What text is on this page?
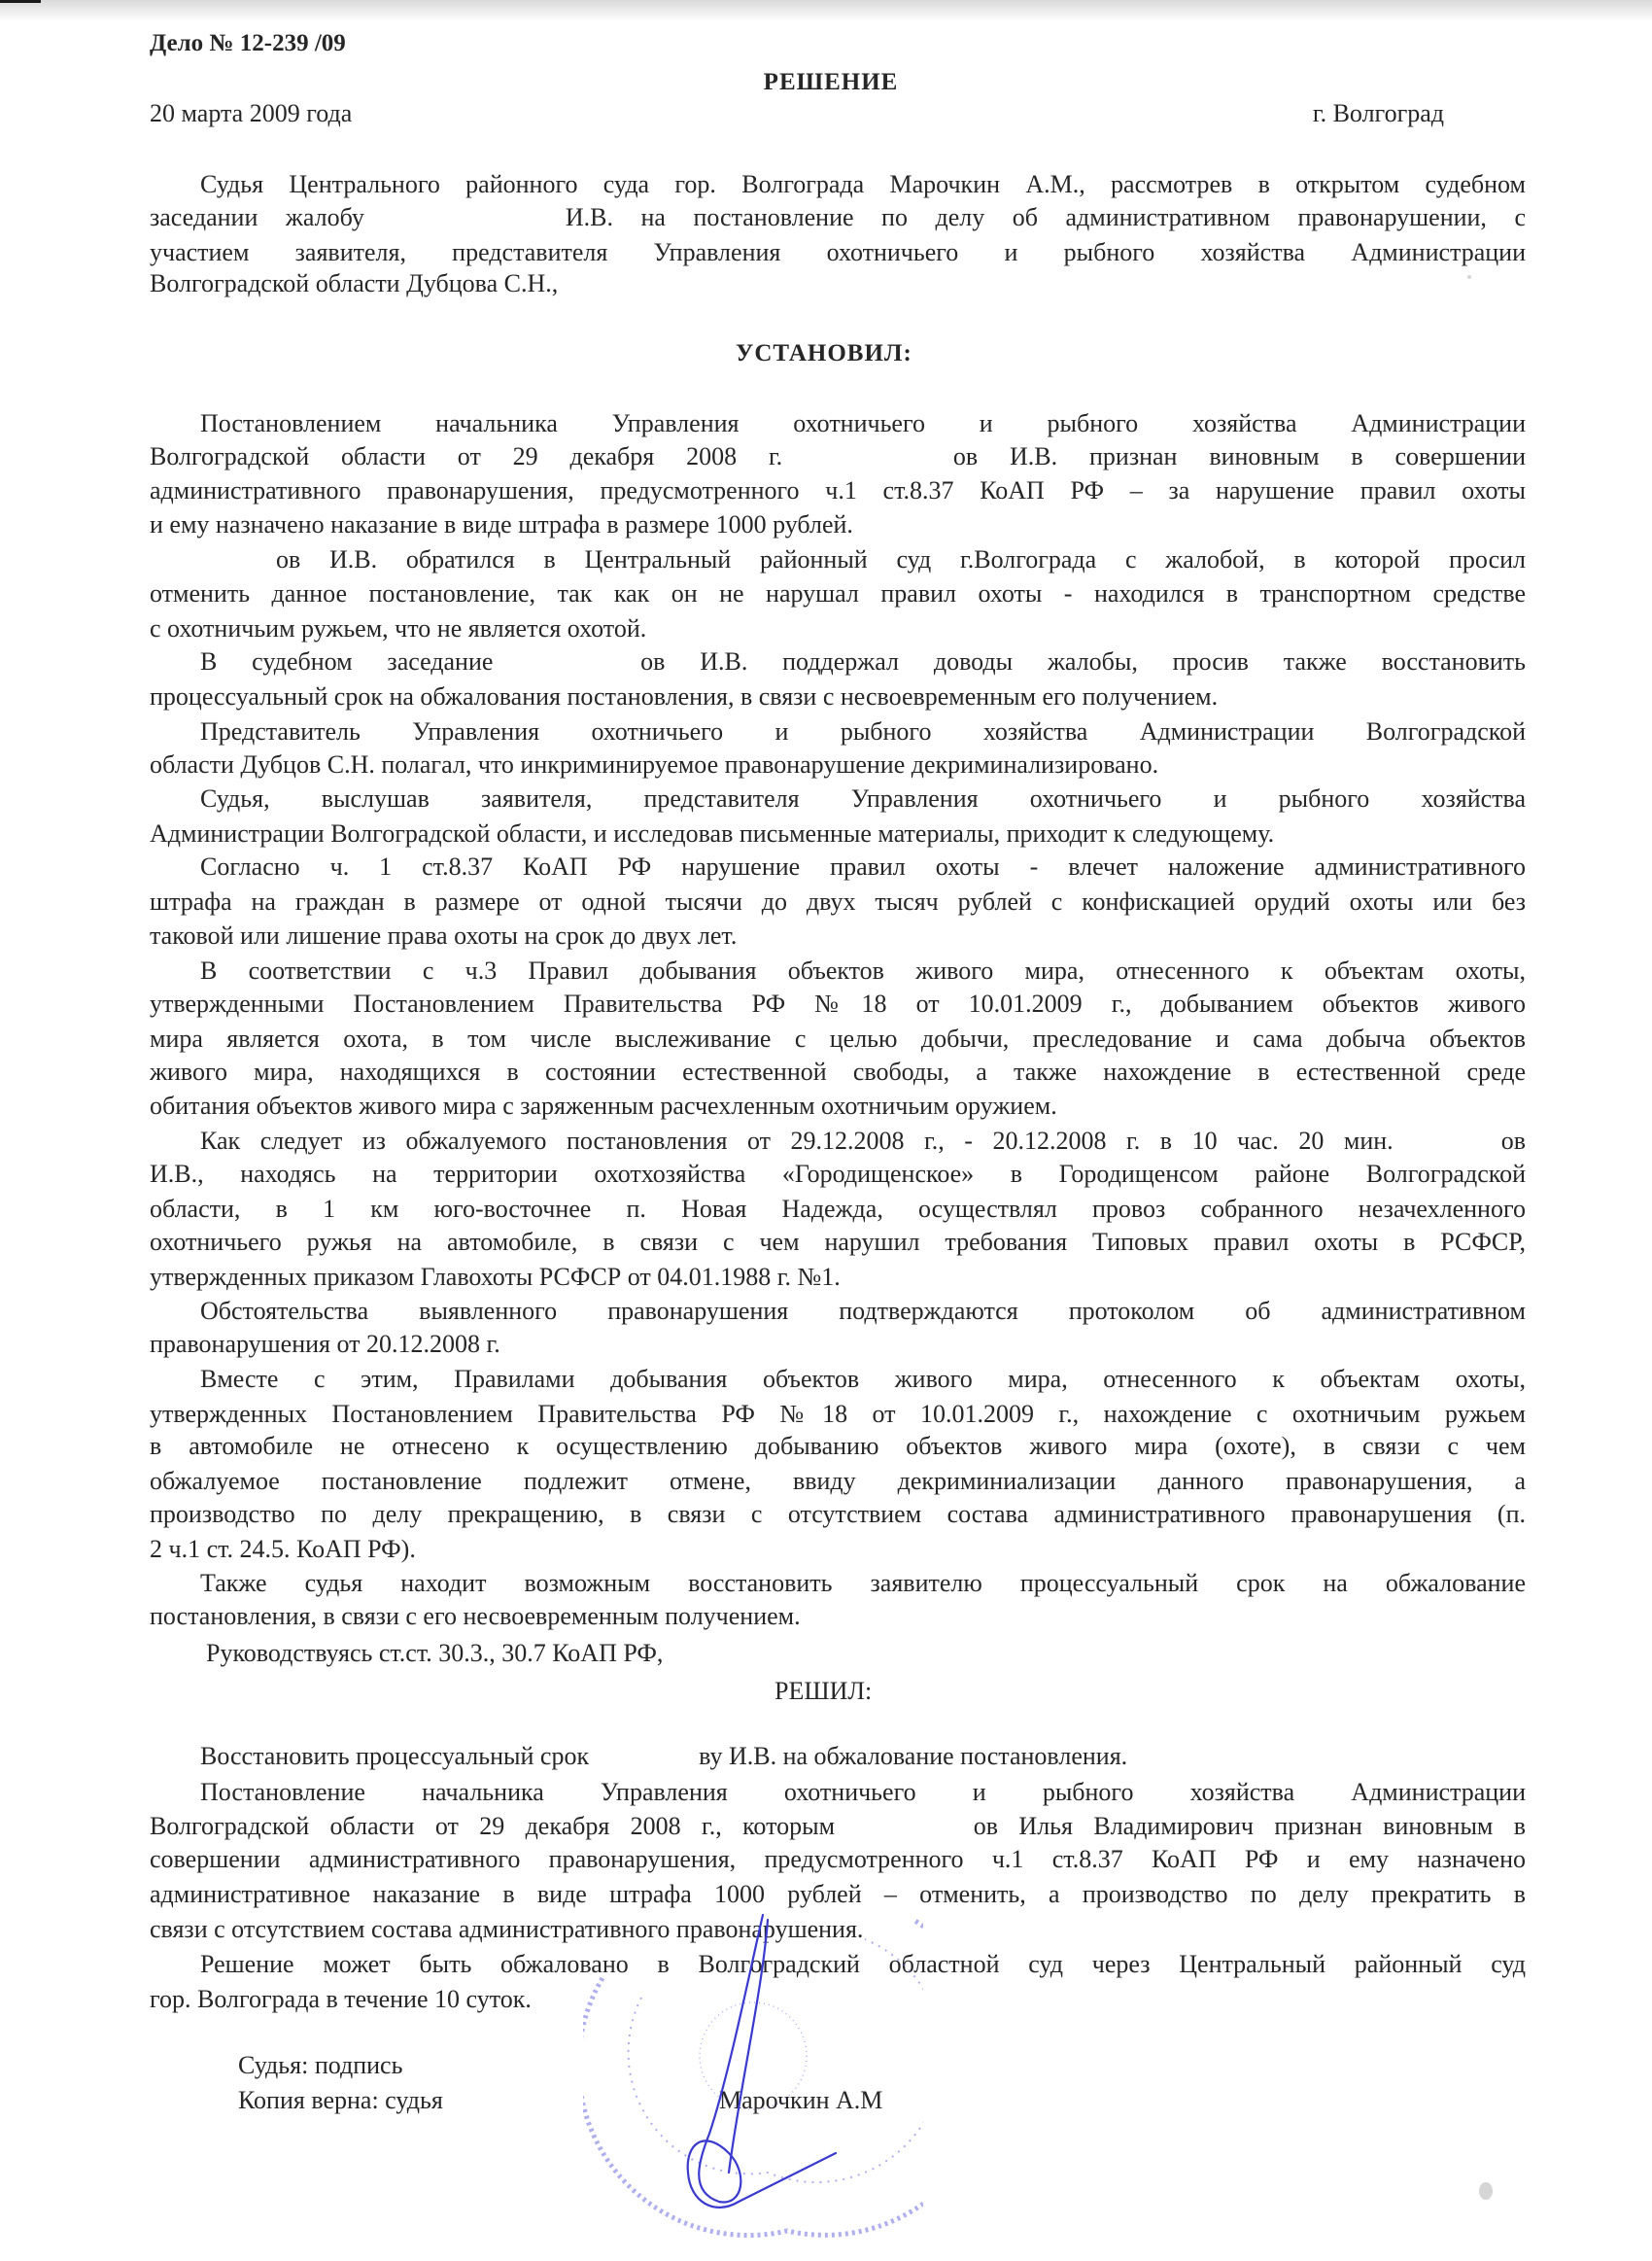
Дело № 12-239 /09
РЕШЕНИЕ
20 марта 2009 года	г. Волгоград
Судья Центрального районного суда гор. Волгограда Марочкин А.М., рассмотрев в открытом судебном
заседании жалобу	И.В. на постановление по делу об административном правонарушении, с
участием заявителя, представителя Управления охотничьего и рыбного хозяйства Администрации
Волгоградской области Дубцова С.Н.,
Постановлением начальника Управления охотничьего и рыбного хозяйства Администрации
Волгоградской области от 29 декабря 2008 г.	ов И.В. признан виновным в совершении
административного правонарушения, предусмотренного ч.1 ст.8.37 КоАП РФ – за нарушение правил охоты
и ему назначено наказание в виде штрафа в размере 1000 рублей.
ов И.В. обратился в Центральный районный суд г.Волгограда с жалобой, в которой просил
отменить данное постановление, так как он не нарушал правил охоты - находился в транспортном средстве
с охотничьим ружьем, что не является охотой.
В судебном заседание	ов И.В. поддержал доводы жалобы, просив также восстановить
процессуальный срок на обжалования постановления, в связи с несвоевременным его получением.
Представитель Управления охотничьего и рыбного хозяйства Администрации Волгоградской
области Дубцов С.Н. полагал, что инкриминируемое правонарушение декриминализировано.
Судья, выслушав заявителя, представителя Управления охотничьего и рыбного хозяйства
Администрации Волгоградской области, и исследовав письменные материалы, приходит к следующему.
Согласно ч. 1 ст.8.37 КоАП РФ нарушение правил охоты - влечет наложение административного
штрафа на граждан в размере от одной тысячи до двух тысяч рублей с конфискацией орудий охоты или без
таковой или лишение права охоты на срок до двух лет.
В соответствии с ч.3 Правил добывания объектов живого мира, отнесенного к объектам охоты,
утвержденными Постановлением Правительства РФ №18 от 10.01.2009 г., добыванием объектов живого
мира является охота, в том числе выслеживание с целью добычи, преследование и сама добыча объектов
живого мира, находящихся в состоянии естественной свободы, а также нахождение в естественной среде
обитания объектов живого мира с заряженным расчехленным охотничьим оружием.
Как следует из обжалуемого постановления от 29.12.2008 г., - 20.12.2008 г. в 10 час. 20 мин.	ов
И.В., находясь на территории охотхозяйства «Городищенское» в Городищенсом районе Волгоградской
области, в 1 км юго-восточнее п. Новая Надежда, осуществлял провоз собранного незачехленного
охотничьего ружья на автомобиле, в связи с чем нарушил требования Типовых правил охоты в РСФСР,
утвержденных приказом Главохоты РСФСР от 04.01.1988 г. №1.
Обстоятельства выявленного правонарушения подтверждаются протоколом об административном
правонарушения от 20.12.2008 г.
Вместе с этим, Правилами добывания объектов живого мира, отнесенного к объектам охоты,
утвержденных Постановлением Правительства РФ №18 от 10.01.2009 г., нахождение с охотничьим ружьем
в автомобиле не отнесено к осуществлению добыванию объектов живого мира (охоте), в связи с чем
обжалуемое постановление подлежит отмене, ввиду декриминиализации данного правонарушения, а
производство по делу прекращению, в связи с отсутствием состава административного правонарушения (п.
2 ч.1 ст. 24.5. КоАП РФ).
Также судья находит возможным восстановить заявителю процессуальный срок на обжалование
постановления, в связи с его несвоевременным получением.
Руководствуясь ст.ст. 30.3., 30.7 КоАП РФ,
Восстановить процессуальный срок	ву И.В. на обжалование постановления.
Постановление начальника Управления охотничьего и рыбного хозяйства Администрации
Волгоградской области от 29 декабря 2008 г., которым	ов Илья Владимирович признан виновным в
совершении административного правонарушения, предусмотренного ч.1 ст.8.37 КоАП РФ и ему назначено
административное наказание в виде штрафа 1000 рублей – отменить, а производство по делу прекратить в
связи с отсутствием состава административного правонарушения.
Решение может быть обжаловано в Волгоградский областной суд через Центральный районный суд
гор. Волгограда в течение 10 суток.
УСТАНОВИЛ:
РЕШИЛ:
Судья: подпись
Копия верна: судья	Марочкин А.М
